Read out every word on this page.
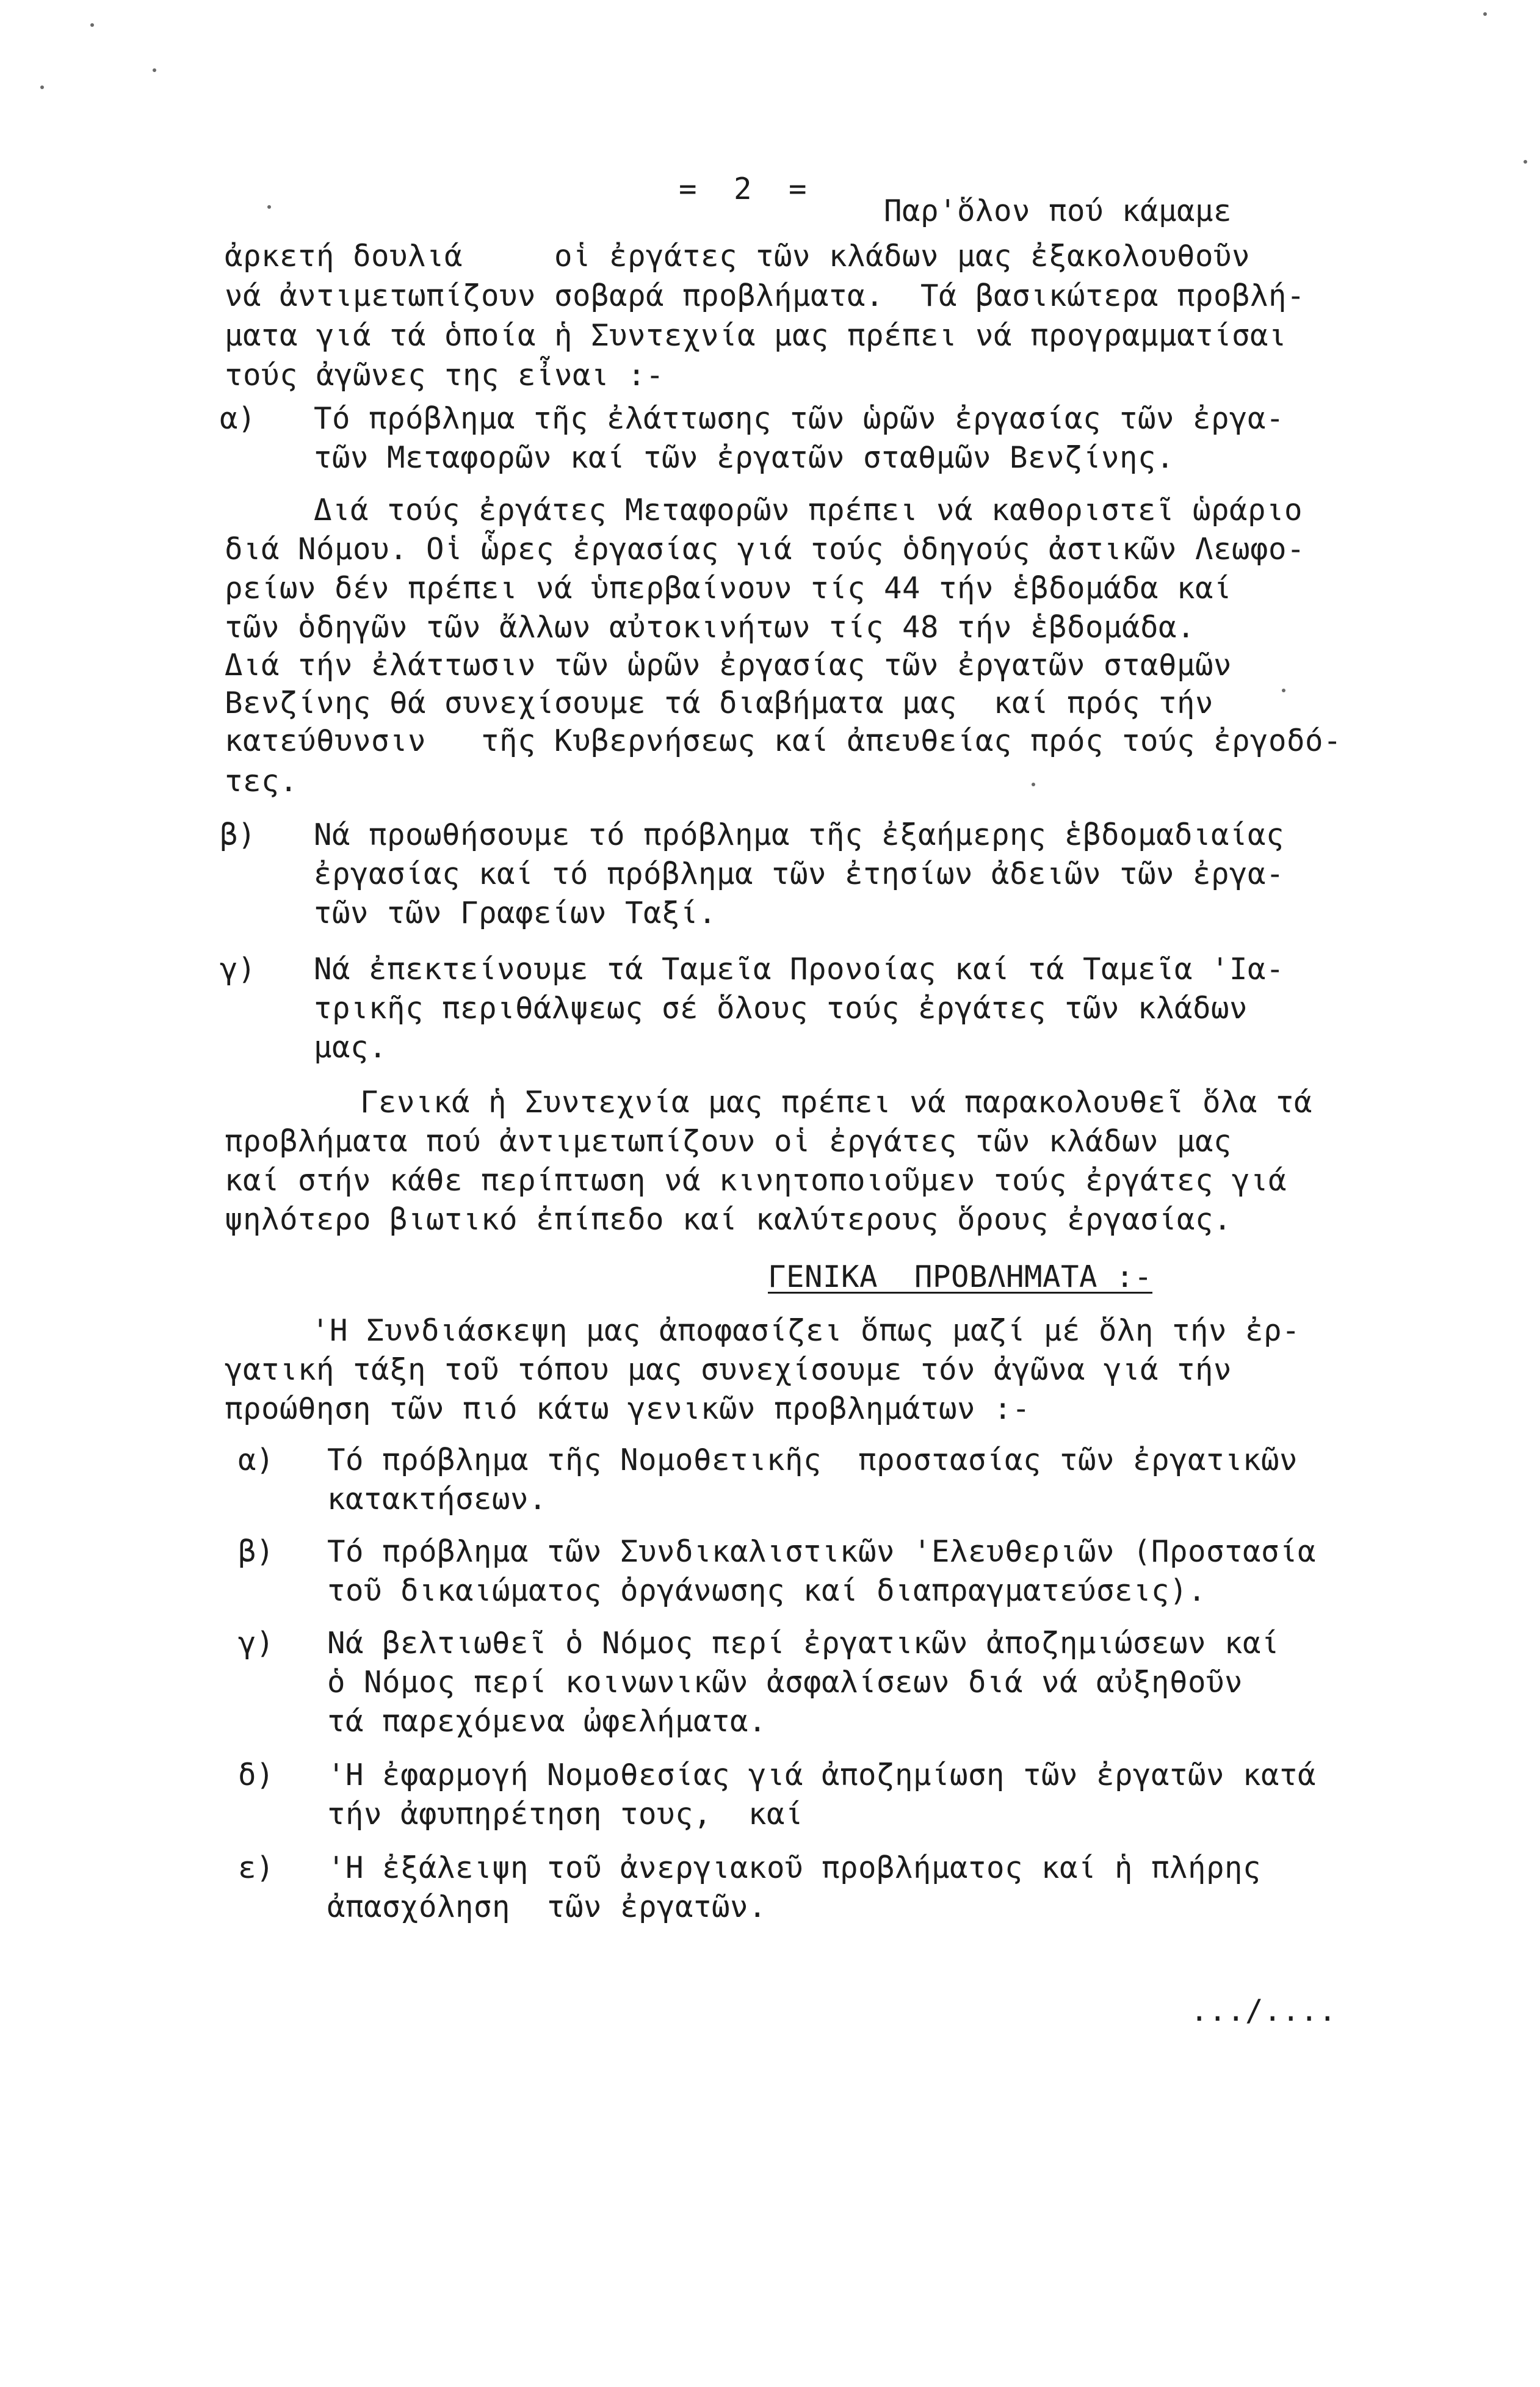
=  2  =
Παρ'ὅλον πού κάμαμε
ἀρκετή δουλιά     οἱ ἐργάτες τῶν κλάδων μας ἐξακολουθοῦν
νά ἀντιμετωπίζουν σοβαρά προβλήματα.  Τά βασικώτερα προβλή-
ματα γιά τά ὁποία ἡ Συντεχνία μας πρέπει νά προγραμματίσαι
τούς ἀγῶνες της εἶναι :-
α) Τό πρόβλημα τῆς ἐλάττωσης τῶν ὡρῶν ἐργασίας τῶν ἐργα-
τῶν Μεταφορῶν καί τῶν ἐργατῶν σταθμῶν Βενζίνης.
Διά τούς ἐργάτες Μεταφορῶν πρέπει νά καθοριστεῖ ὡράριο
διά Νόμου. Οἱ ὧρες ἐργασίας γιά τούς ὁδηγούς ἀστικῶν Λεωφο-
ρείων δέν πρέπει νά ὑπερβαίνουν τίς 44 τήν ἑβδομάδα καί
τῶν ὁδηγῶν τῶν ἄλλων αὐτοκινήτων τίς 48 τήν ἑβδομάδα.
Διά τήν ἐλάττωσιν τῶν ὡρῶν ἐργασίας τῶν ἐργατῶν σταθμῶν
Βενζίνης θά συνεχίσουμε τά διαβήματα μας  καί πρός τήν
κατεύθυνσιν   τῆς Κυβερνήσεως καί ἀπευθείας πρός τούς ἐργοδό-
τες.
β) Νά προωθήσουμε τό πρόβλημα τῆς ἐξαήμερης ἑβδομαδιαίας
ἐργασίας καί τό πρόβλημα τῶν ἐτησίων ἀδειῶν τῶν ἐργα-
τῶν τῶν Γραφείων Ταξί.
γ) Νά ἐπεκτείνουμε τά Ταμεῖα Προνοίας καί τά Ταμεῖα 'Ια-
τρικῆς περιθάλψεως σέ ὅλους τούς ἐργάτες τῶν κλάδων
μας.
Γενικά ἡ Συντεχνία μας πρέπει νά παρακολουθεῖ ὅλα τά
προβλήματα πού ἀντιμετωπίζουν οἱ ἐργάτες τῶν κλάδων μας
καί στήν κάθε περίπτωση νά κινητοποιοῦμεν τούς ἐργάτες γιά
ψηλότερο βιωτικό ἐπίπεδο καί καλύτερους ὅρους ἐργασίας.
ΓΕΝΙΚΑ  ΠΡΟΒΛΗΜΑΤΑ :-
'Η Συνδιάσκεψη μας ἀποφασίζει ὅπως μαζί μέ ὅλη τήν ἐρ-
γατική τάξη τοῦ τόπου μας συνεχίσουμε τόν ἀγῶνα γιά τήν
προώθηση τῶν πιό κάτω γενικῶν προβλημάτων :-
α) Τό πρόβλημα τῆς Νομοθετικῆς  προστασίας τῶν ἐργατικῶν
κατακτήσεων.
β) Τό πρόβλημα τῶν Συνδικαλιστικῶν 'Ελευθεριῶν (Προστασία
τοῦ δικαιώματος ὀργάνωσης καί διαπραγματεύσεις).
γ) Νά βελτιωθεῖ ὁ Νόμος περί ἐργατικῶν ἀποζημιώσεων καί
ὁ Νόμος περί κοινωνικῶν ἀσφαλίσεων διά νά αὐξηθοῦν
τά παρεχόμενα ὠφελήματα.
δ) 'Η ἐφαρμογή Νομοθεσίας γιά ἀποζημίωση τῶν ἐργατῶν κατά
τήν ἀφυπηρέτηση τους,  καί
ε) 'Η ἐξάλειψη τοῦ ἀνεργιακοῦ προβλήματος καί ἡ πλήρης
ἀπασχόληση  τῶν ἐργατῶν.
.../....
